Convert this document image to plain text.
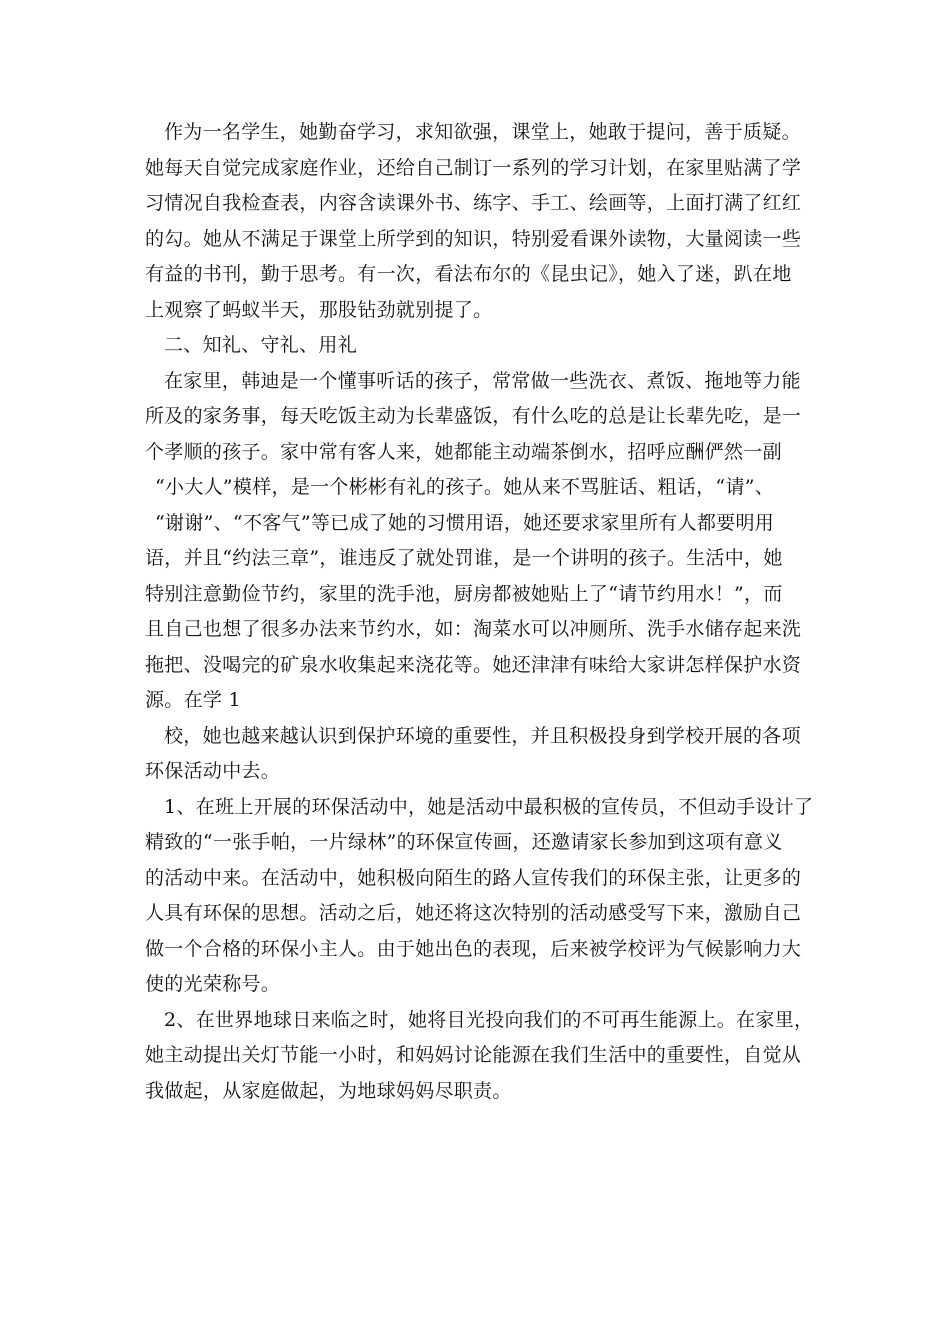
作为一名学生，她勤奋学习，求知欲强，课堂上，她敢于提问，善于质疑。
她每天自觉完成家庭作业，还给自己制订一系列的学习计划，在家里贴满了学
习情况自我检查表，内容含读课外书、练字、手工、绘画等，上面打满了红红
的勾。她从不满足于课堂上所学到的知识，特别爱看课外读物，大量阅读一些
有益的书刊，勤于思考。有一次，看法布尔的《昆虫记》，她入了迷，趴在地
上观察了蚂蚁半天，那股钻劲就别提了。
二、知礼、守礼、用礼
在家里，韩迪是一个懂事听话的孩子，常常做一些洗衣、煮饭、拖地等力能
所及的家务事，每天吃饭主动为长辈盛饭，有什么吃的总是让长辈先吃，是一
个孝顺的孩子。家中常有客人来，她都能主动端茶倒水，招呼应酬俨然一副
“小大人”模样，是一个彬彬有礼的孩子。她从来不骂脏话、粗话，“请”、
“谢谢”、“不客气”等已成了她的习惯用语，她还要求家里所有人都要明用
语，并且“约法三章”，谁违反了就处罚谁，是一个讲明的孩子。生活中，她
特别注意勤俭节约，家里的洗手池，厨房都被她贴上了“请节约用水！”，而
且自己也想了很多办法来节约水，如：淘菜水可以冲厕所、洗手水储存起来洗
拖把、没喝完的矿泉水收集起来浇花等。她还津津有味给大家讲怎样保护水资
源。在学 1
校，她也越来越认识到保护环境的重要性，并且积极投身到学校开展的各项
环保活动中去。
1、在班上开展的环保活动中，她是活动中最积极的宣传员，不但动手设计了
精致的“一张手帕，一片绿林”的环保宣传画，还邀请家长参加到这项有意义
的活动中来。在活动中，她积极向陌生的路人宣传我们的环保主张，让更多的
人具有环保的思想。活动之后，她还将这次特别的活动感受写下来，激励自己
做一个合格的环保小主人。由于她出色的表现，后来被学校评为气候影响力大
使的光荣称号。
2、在世界地球日来临之时，她将目光投向我们的不可再生能源上。在家里，
她主动提出关灯节能一小时，和妈妈讨论能源在我们生活中的重要性，自觉从
我做起，从家庭做起，为地球妈妈尽职责。
